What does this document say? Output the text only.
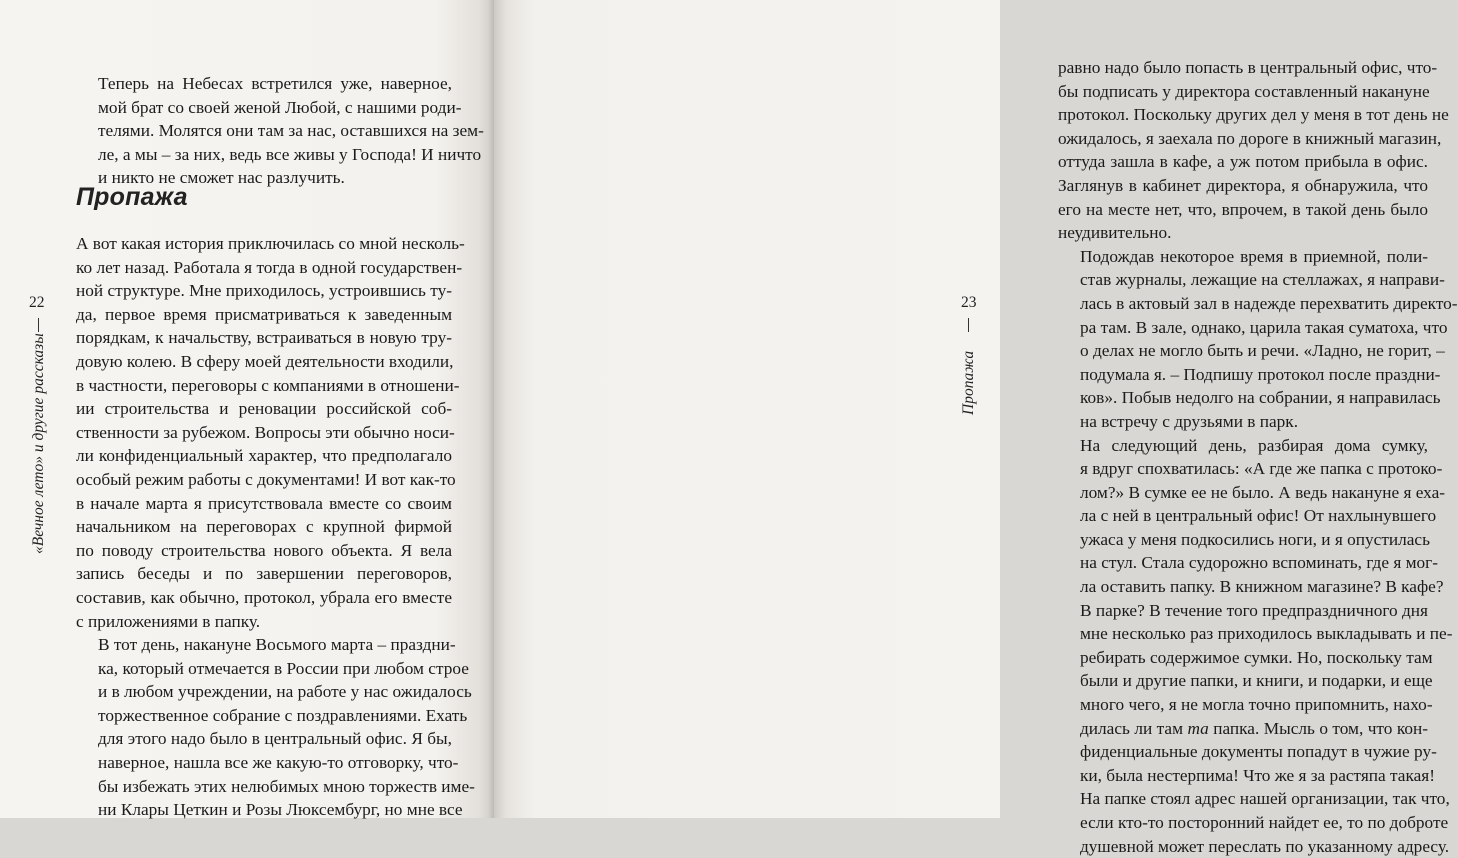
Теперь на Небесах встретился уже, наверное,
мой брат со своей женой Любой, с нашими роди-
телями. Молятся они там за нас, оставшихся на зем-
ле, а мы – за них, ведь все живы у Господа! И ничто
и никто не сможет нас разлучить.

Пропажа

А вот какая история приключилась со мной несколь-
ко лет назад. Работала я тогда в одной государствен-
ной структуре. Мне приходилось, устроившись ту-
да, первое время присматриваться к заведенным
порядкам, к начальству, встраиваться в новую тру-
довую колею. В сферу моей деятельности входили,
в частности, переговоры с компаниями в отношени-
ии строительства и реновации российской соб-
ственности за рубежом. Вопросы эти обычно носи-
ли конфиденциальный характер, что предполагало
особый режим работы с документами! И вот как-то
в начале марта я присутствовала вместе со своим
начальником на переговорах с крупной фирмой
по поводу строительства нового объекта. Я вела
запись беседы и по завершении переговоров,
составив, как обычно, протокол, убрала его вместе
с приложениями в папку.

В тот день, накануне Восьмого марта – праздни-
ка, который отмечается в России при любом строе
и в любом учреждении, на работе у нас ожидалось
торжественное собрание с поздравлениями. Ехать
для этого надо было в центральный офис. Я бы,
наверное, нашла все же какую-то отговорку, что-
бы избежать этих нелюбимых мною торжеств име-
ни Клары Цеткин и Розы Люксембург, но мне все

«Вечное лето» и другие рассказы
22

равно надо было попасть в центральный офис, что-
бы подписать у директора составленный накануне
протокол. Поскольку других дел у меня в тот день не
ожидалось, я заехала по дороге в книжный магазин,
оттуда зашла в кафе, а уж потом прибыла в офис.
Заглянув в кабинет директора, я обнаружила, что
его на месте нет, что, впрочем, в такой день было
неудивительно.

Подождав некоторое время в приемной, поли-
став журналы, лежащие на стеллажах, я направи-
лась в актовый зал в надежде перехватить директо-
ра там. В зале, однако, царила такая суматоха, что
о делах не могло быть и речи. «Ладно, не горит, –
подумала я. – Подпишу протокол после праздни-
ков». Побыв недолго на собрании, я направилась
на встречу с друзьями в парк.

На следующий день, разбирая дома сумку,
я вдруг спохватилась: «А где же папка с протоко-
лом?» В сумке ее не было. А ведь накануне я еха-
ла с ней в центральный офис! От нахлынувшего
ужаса у меня подкосились ноги, и я опустилась
на стул. Стала судорожно вспоминать, где я мог-
ла оставить папку. В книжном магазине? В кафе?
В парке? В течение того предпраздничного дня
мне несколько раз приходилось выкладывать и пе-
ребирать содержимое сумки. Но, поскольку там
были и другие папки, и книги, и подарки, и еще
много чего, я не могла точно припомнить, нахо-
дилась ли там та папка. Мысль о том, что кон-
фиденциальные документы попадут в чужие ру-
ки, была нестерпима! Что же я за растяпа такая!
На папке стоял адрес нашей организации, так что,
если кто-то посторонний найдет ее, то по доброте
душевной может переслать по указанному адресу.

23
Пропажа
